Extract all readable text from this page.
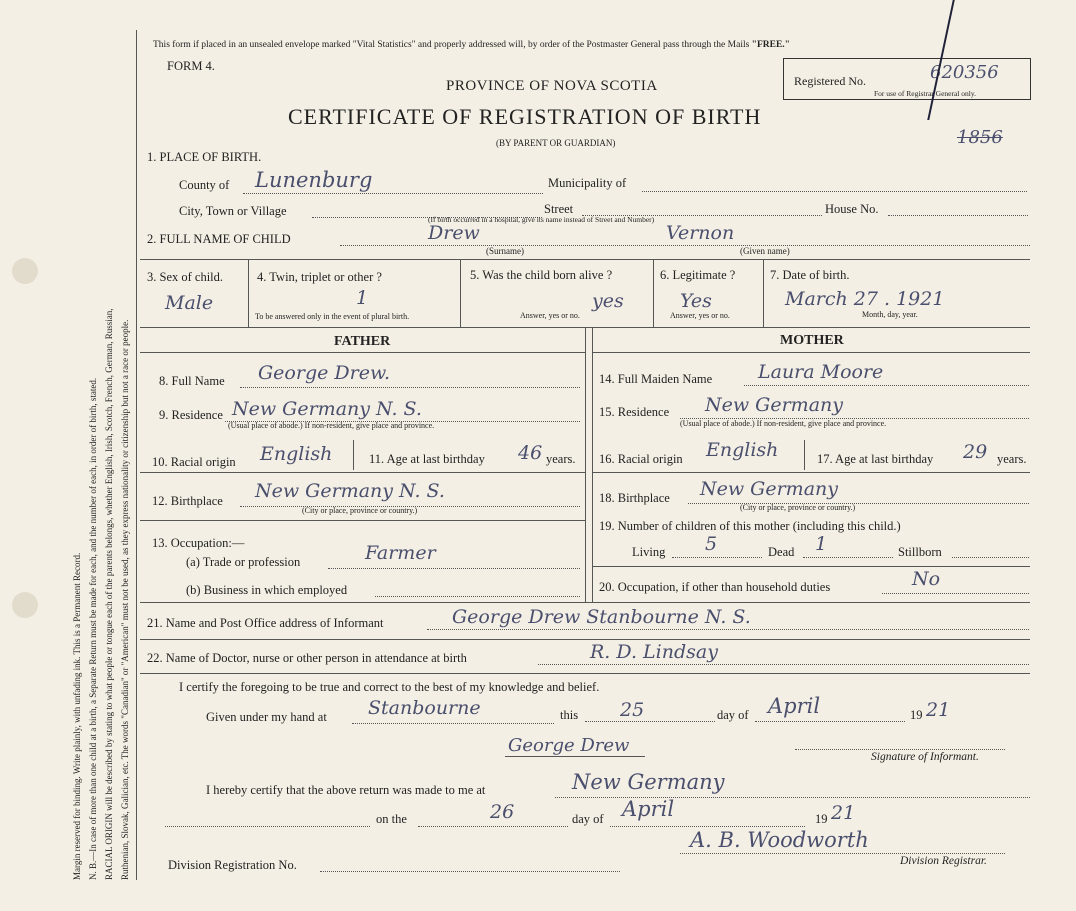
Margin reserved for binding. Write plainly, with unfading ink. This is a Permanent Record. N. B.—In case of more than one child at a birth, a Separate Return must be made for each, and the number of each, in order of birth, stated. RACIAL ORIGIN will be described by stating to what people or tongue each of the parents belongs, whether English, Irish, Scotch, French, German, Russian, Ruthenian, Slovak, Galician, etc. The words "Canadian" or "American" must not be used, as they express nationality or citizenship but not a race or people.
This form if placed in an unsealed envelope marked "Vital Statistics" and properly addressed will, by order of the Postmaster General pass through the Mails "FREE."
FORM 4.
PROVINCE OF NOVA SCOTIA
CERTIFICATE OF REGISTRATION OF BIRTH
(BY PARENT OR GUARDIAN)
Registered No.	620356
For use of Registrar General only.
1856
1. PLACE OF BIRTH.
County of Lunenburg	Municipality of
City, Town or Village	Street	House No.
(If birth occurred in a hospital, give its name instead of Street and Number)
2. FULL NAME OF CHILD	Drew
(Surname)
Vernon
(Given name)
3. Sex of child.
Male
4. Twin, triplet or other ?
1
To be answered only in the event of plural birth.
5. Was the child born alive ?
yes
Answer, yes or no.
6. Legitimate ?
Yes
Answer, yes or no.
7. Date of birth.
March 27 . 1921
Month, day, year.
FATHER
8. Full Name George Drew.
9. Residence New Germany N. S.
(Usual place of abode.) If non-resident, give place and province.
10. Racial origin English	11. Age at last birthday 46 years.
12. Birthplace New Germany N. S.
(City or place, province or country.)
13. Occupation:—
(a) Trade or profession	Farmer
(b) Business in which employed
MOTHER
14. Full Maiden Name Laura Moore
15. Residence New Germany
(Usual place of abode.) If non-resident, give place and province.
16. Racial origin English	17. Age at last birthday 29 years.
18. Birthplace New Germany
(City or place, province or country.)
19. Number of children of this mother (including this child.)
Living 5	Dead 1	Stillborn
20. Occupation, if other than household duties	No
21. Name and Post Office address of Informant	George Drew Stanbourne N. S.
22. Name of Doctor, nurse or other person in attendance at birth	R. D. Lindsay
I certify the foregoing to be true and correct to the best of my knowledge and belief.
Given under my hand at Stanbourne	this 25	day of April	19 21
George Drew
Signature of Informant.
I hereby certify that the above return was made to me at	New Germany
on the	26	day of April	19 21
A. B. Woodworth
Division Registrar.
Division Registration No.
